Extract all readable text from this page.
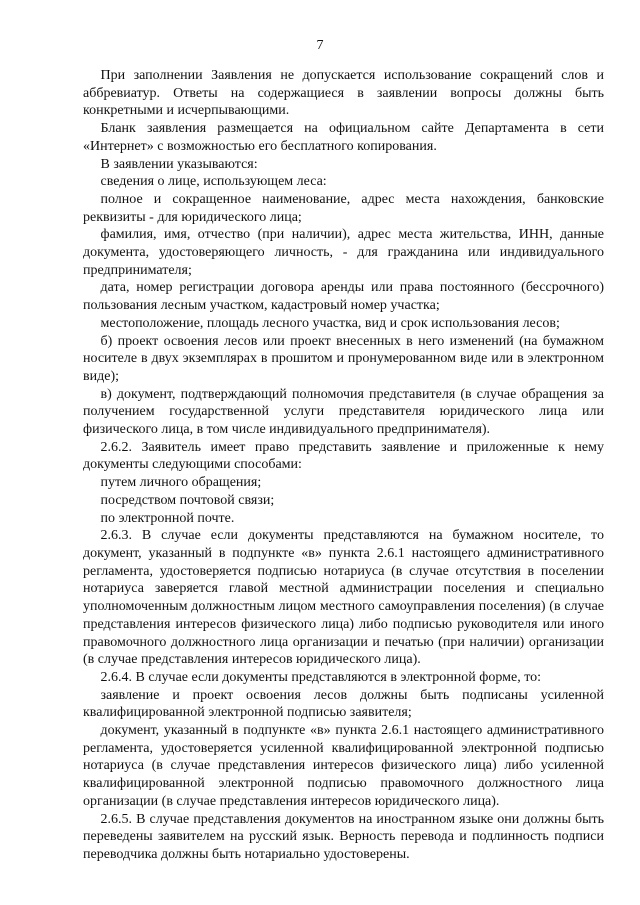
7

При заполнении Заявления не допускается использование сокращений слов и аббревиатур. Ответы на содержащиеся в заявлении вопросы должны быть конкретными и исчерпывающими.

Бланк заявления размещается на официальном сайте Департамента в сети «Интернет» с возможностью его бесплатного копирования.

В заявлении указываются:

сведения о лице, использующем леса:

полное и сокращенное наименование, адрес места нахождения, банковские реквизиты - для юридического лица;

фамилия, имя, отчество (при наличии), адрес места жительства, ИНН, данные документа, удостоверяющего личность, - для гражданина или индивидуального предпринимателя;

дата, номер регистрации договора аренды или права постоянного (бессрочного) пользования лесным участком, кадастровый номер участка;

местоположение, площадь лесного участка, вид и срок использования лесов;

б) проект освоения лесов или проект внесенных в него изменений (на бумажном носителе в двух экземплярах в прошитом и пронумерованном виде или в электронном виде);

в) документ, подтверждающий полномочия представителя (в случае обращения за получением государственной услуги представителя юридического лица или физического лица, в том числе индивидуального предпринимателя).

2.6.2. Заявитель имеет право представить заявление и приложенные к нему документы следующими способами:

путем личного обращения;

посредством почтовой связи;

по электронной почте.

2.6.3. В случае если документы представляются на бумажном носителе, то документ, указанный в подпункте «в» пункта 2.6.1 настоящего административного регламента, удостоверяется подписью нотариуса (в случае отсутствия в поселении нотариуса заверяется главой местной администрации поселения и специально уполномоченным должностным лицом местного самоуправления поселения) (в случае представления интересов физического лица) либо подписью руководителя или иного правомочного должностного лица организации и печатью (при наличии) организации (в случае представления интересов юридического лица).

2.6.4. В случае если документы представляются в электронной форме, то:

заявление и проект освоения лесов должны быть подписаны усиленной квалифицированной электронной подписью заявителя;

документ, указанный в подпункте «в» пункта 2.6.1 настоящего административного регламента, удостоверяется усиленной квалифицированной электронной подписью нотариуса (в случае представления интересов физического лица) либо усиленной квалифицированной электронной подписью правомочного должностного лица организации (в случае представления интересов юридического лица).

2.6.5. В случае представления документов на иностранном языке они должны быть переведены заявителем на русский язык. Верность перевода и подлинность подписи переводчика должны быть нотариально удостоверены.
